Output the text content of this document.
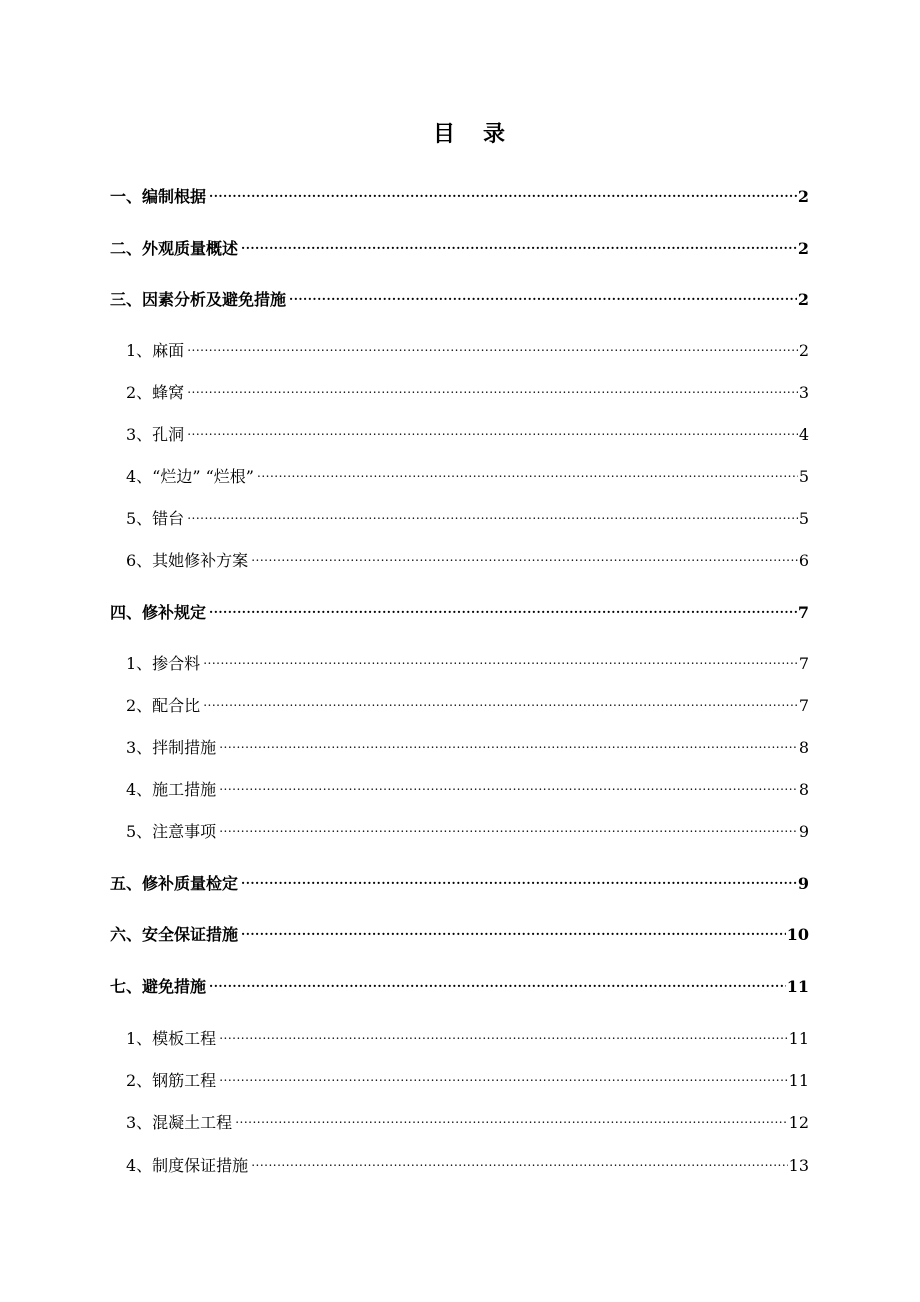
目录
一、编制根据 .....	2
二、外观质量概述 .....	2
三、因素分析及避免措施 .....	2
1、麻面 .....	2
2、蜂窝 .....	3
3、孔洞 .....	4
4、“烂边” “烂根” .....	5
5、错台 .....	5
6、其她修补方案 .....	6
四、修补规定 .....	7
1、掺合料 .....	7
2、配合比 .....	7
3、拌制措施 .....	8
4、施工措施 .....	8
5、注意事项 .....	9
五、修补质量检定 .....	9
六、安全保证措施 .....	10
七、避免措施 .....	11
1、模板工程 .....	11
2、钢筋工程 .....	11
3、混凝土工程 .....	12
4、制度保证措施 .....	13
